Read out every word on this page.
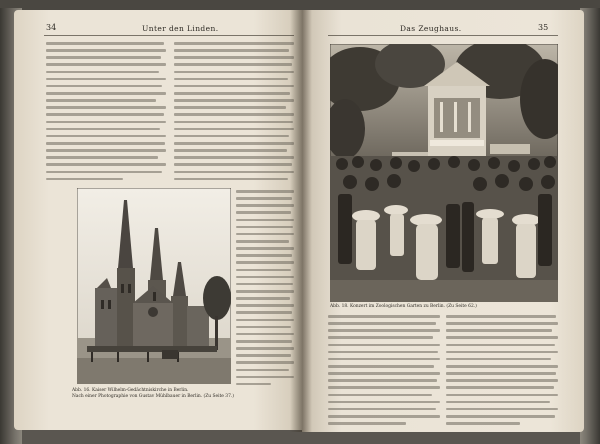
34	Unter den Linden.
Abb. 16. Kaiser Wilhelm-Gedächtniskirche in Berlin.
Nach einer Photographie von Gustav Mühlbauer in Berlin. (Zu Seite 37.)
Das Zeughaus.	35
Abb. 18. Konzert im Zoologischen Garten zu Berlin. (Zu Seite 62.)
